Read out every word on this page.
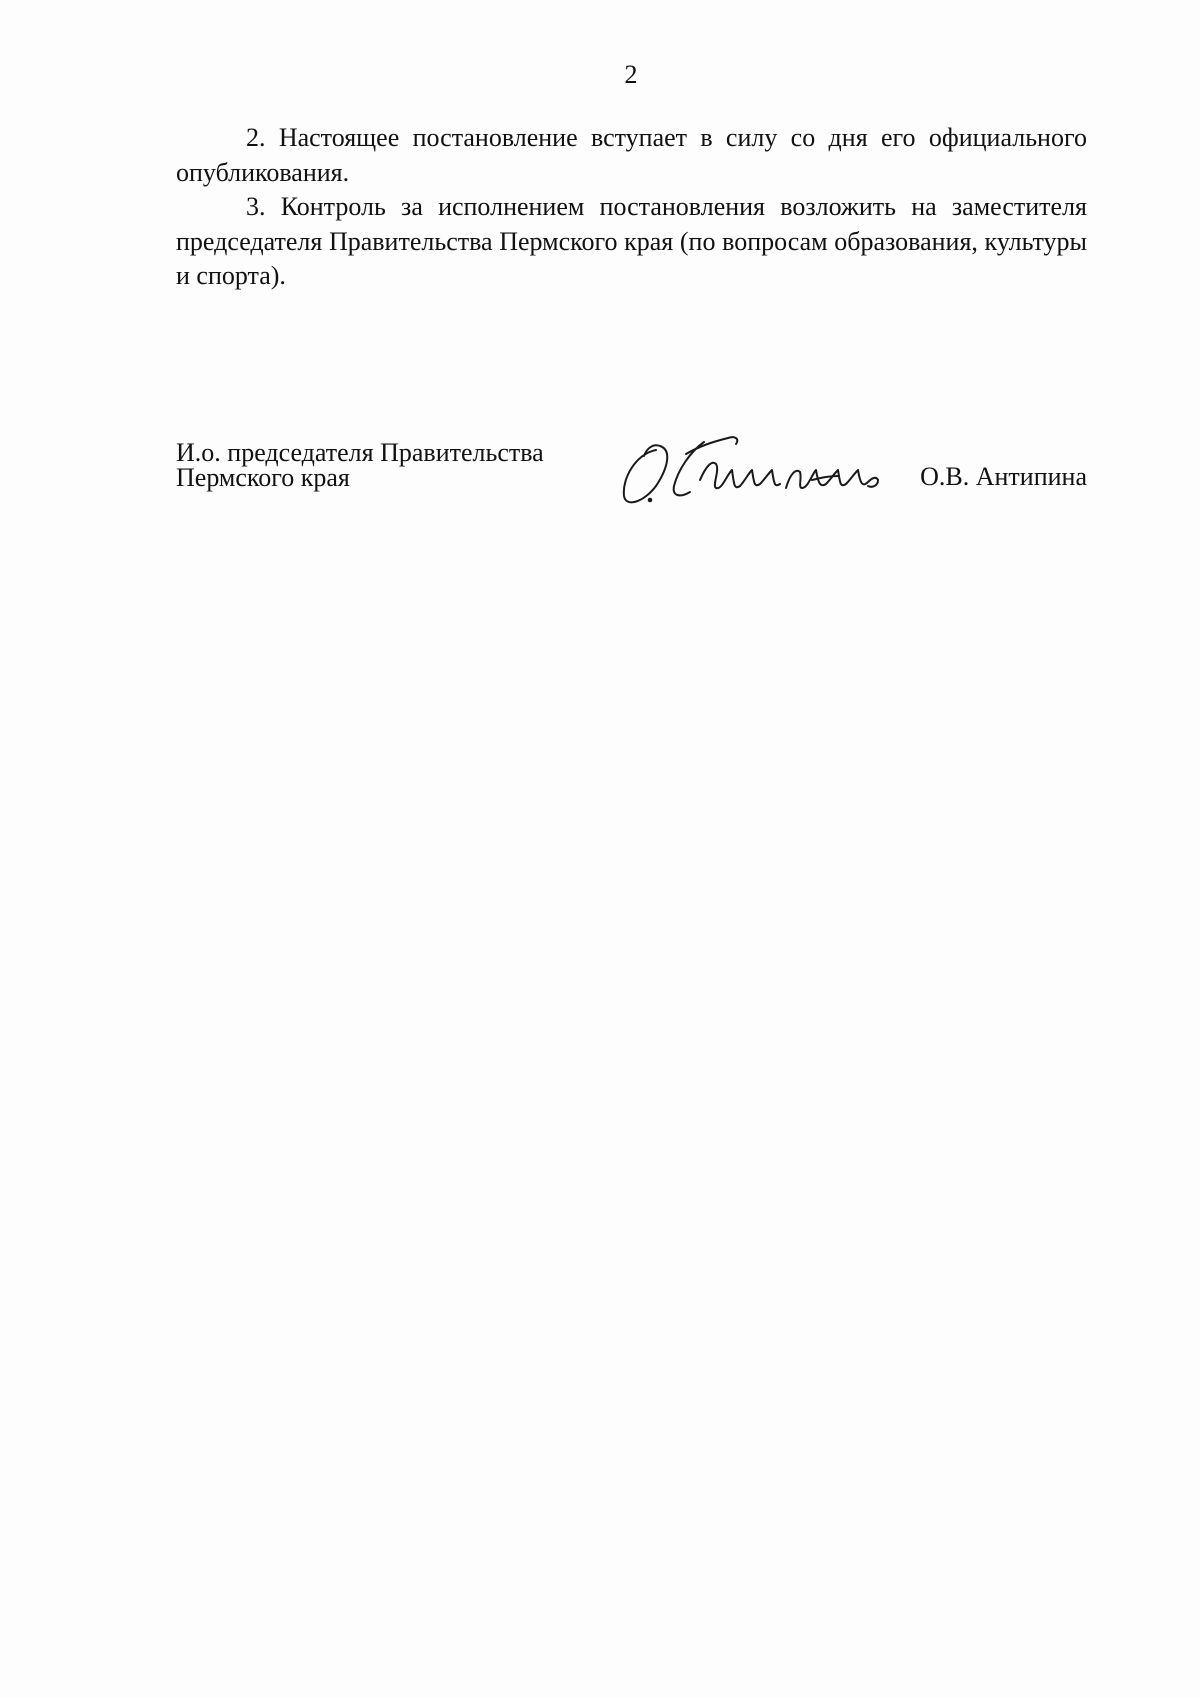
2

2. Настоящее постановление вступает в силу со дня его официального опубликования.

3. Контроль за исполнением постановления возложить на заместителя председателя Правительства Пермского края (по вопросам образования, культуры и спорта).

И.о. председателя Правительства
Пермского края	О.В. Антипина
